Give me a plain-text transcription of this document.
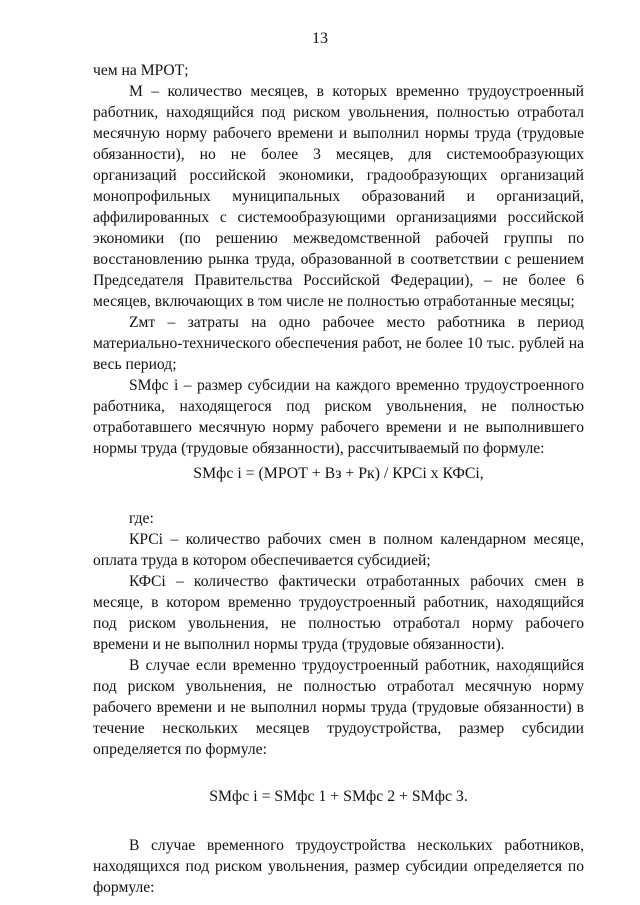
13

чем на МРОТ;

М – количество месяцев, в которых временно трудоустроенный работник, находящийся под риском увольнения, полностью отработал месячную норму рабочего времени и выполнил нормы труда (трудовые обязанности), но не более 3 месяцев, для системообразующих организаций российской экономики, градообразующих организаций монопрофильных муниципальных образований и организаций, аффилированных с системообразующими организациями российской экономики (по решению межведомственной рабочей группы по восстановлению рынка труда, образованной в соответствии с решением Председателя Правительства Российской Федерации), – не более 6 месяцев, включающих в том числе не полностью отработанные месяцы;

Zмт – затраты на одно рабочее место работника в период материально-технического обеспечения работ, не более 10 тыс. рублей на весь период;

SМфс i – размер субсидии на каждого временно трудоустроенного работника, находящегося под риском увольнения, не полностью отработавшего месячную норму рабочего времени и не выполнившего нормы труда (трудовые обязанности), рассчитываемый по формуле:

SМфс i = (МРОТ + Вз + Рк) / КРСi х КФСi,

где:

КРСi – количество рабочих смен в полном календарном месяце, оплата труда в котором обеспечивается субсидией;

КФСi – количество фактически отработанных рабочих смен в месяце, в котором временно трудоустроенный работник, находящийся под риском увольнения, не полностью отработал норму рабочего времени и не выполнил нормы труда (трудовые обязанности).

В случае если временно трудоустроенный работник, находящийся под риском увольнения, не полностью отработал месячную норму рабочего времени и не выполнил нормы труда (трудовые обязанности) в течение нескольких месяцев трудоустройства, размер субсидии определяется по формуле:

SМфс i = SМфс 1 + SМфс 2 + SМфс 3.

В случае временного трудоустройства нескольких работников, находящихся под риском увольнения, размер субсидии определяется по формуле:
